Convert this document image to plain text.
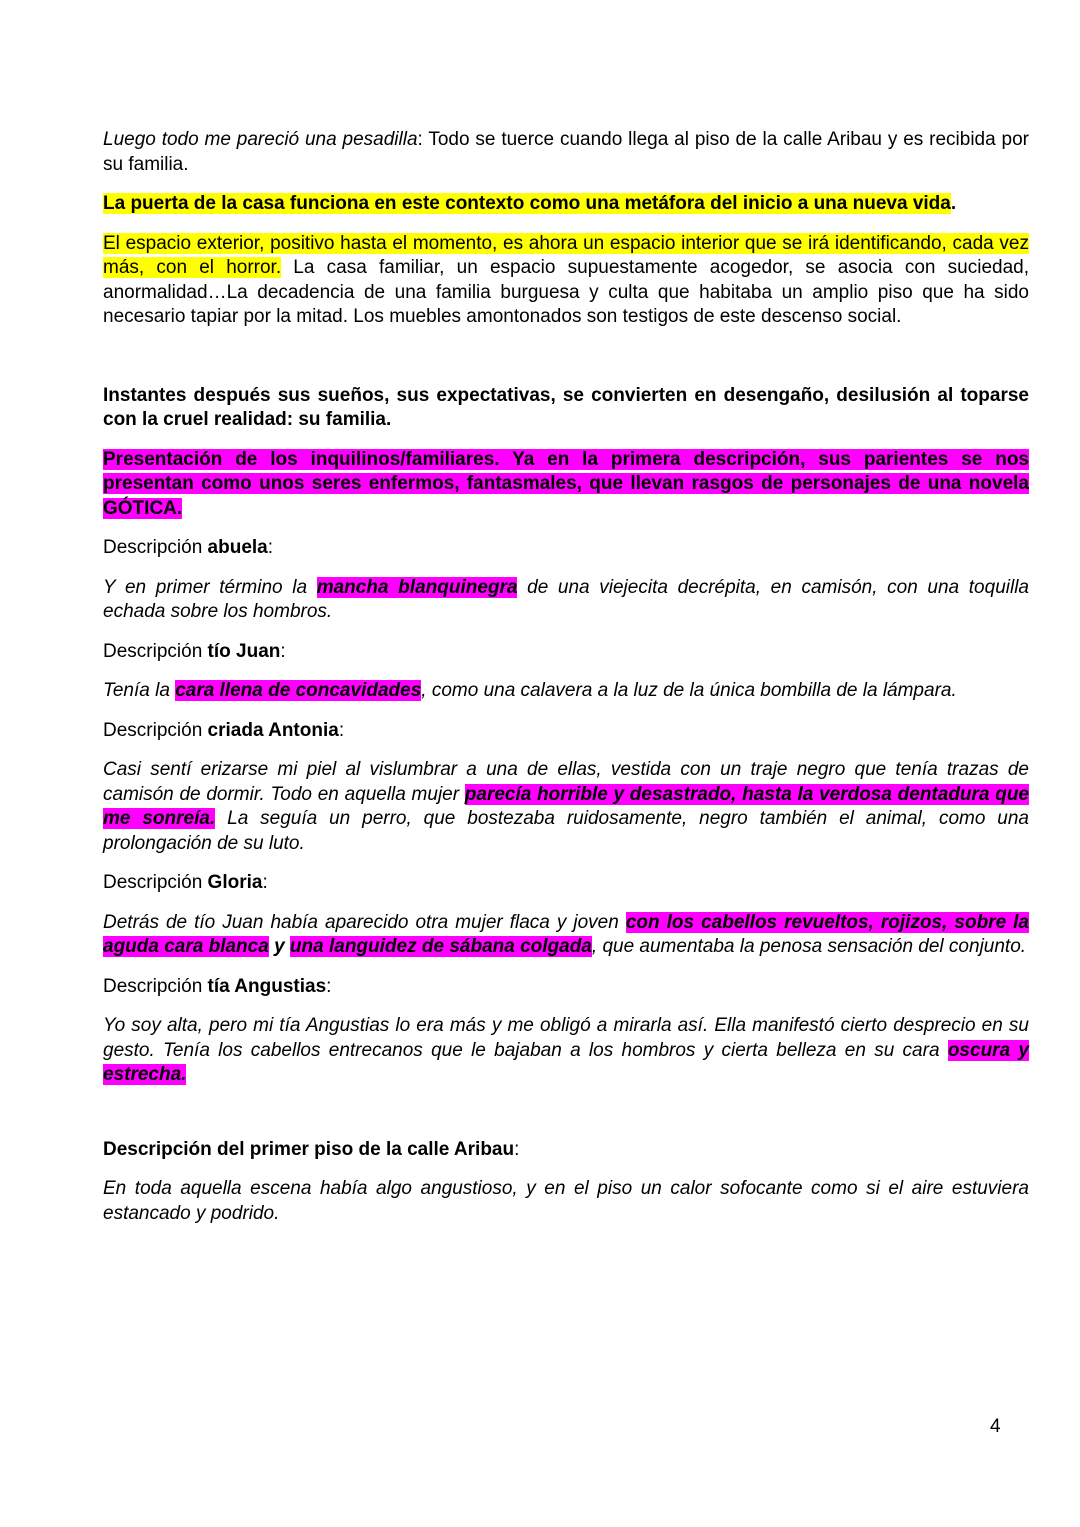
Luego todo me pareció una pesadilla: Todo se tuerce cuando llega al piso de la calle Aribau y es recibida por su familia.

La puerta de la casa funciona en este contexto como una metáfora del inicio a una nueva vida.

El espacio exterior, positivo hasta el momento, es ahora un espacio interior que se irá identificando, cada vez más, con el horror. La casa familiar, un espacio supuestamente acogedor, se asocia con suciedad, anormalidad…La decadencia de una familia burguesa y culta que habitaba un amplio piso que ha sido necesario tapiar por la mitad. Los muebles amontonados son testigos de este descenso social.

Instantes después sus sueños, sus expectativas, se convierten en desengaño, desilusión al toparse con la cruel realidad: su familia.

Presentación de los inquilinos/familiares. Ya en la primera descripción, sus parientes se nos presentan como unos seres enfermos, fantasmales, que llevan rasgos de personajes de una novela GÓTICA.

Descripción abuela:

Y en primer término la mancha blanquinegra de una viejecita decrépita, en camisón, con una toquilla echada sobre los hombros.

Descripción tío Juan:

Tenía la cara llena de concavidades, como una calavera a la luz de la única bombilla de la lámpara.

Descripción criada Antonia:

Casi sentí erizarse mi piel al vislumbrar a una de ellas, vestida con un traje negro que tenía trazas de camisón de dormir. Todo en aquella mujer parecía horrible y desastrado, hasta la verdosa dentadura que me sonreía. La seguía un perro, que bostezaba ruidosamente, negro también el animal, como una prolongación de su luto.

Descripción Gloria:

Detrás de tío Juan había aparecido otra mujer flaca y joven con los cabellos revueltos, rojizos, sobre la aguda cara blanca y una languidez de sábana colgada, que aumentaba la penosa sensación del conjunto.

Descripción tía Angustias:

Yo soy alta, pero mi tía Angustias lo era más y me obligó a mirarla así. Ella manifestó cierto desprecio en su gesto. Tenía los cabellos entrecanos que le bajaban a los hombros y cierta belleza en su cara oscura y estrecha.

Descripción del primer piso de la calle Aribau:

En toda aquella escena había algo angustioso, y en el piso un calor sofocante como si el aire estuviera estancado y podrido.

4
